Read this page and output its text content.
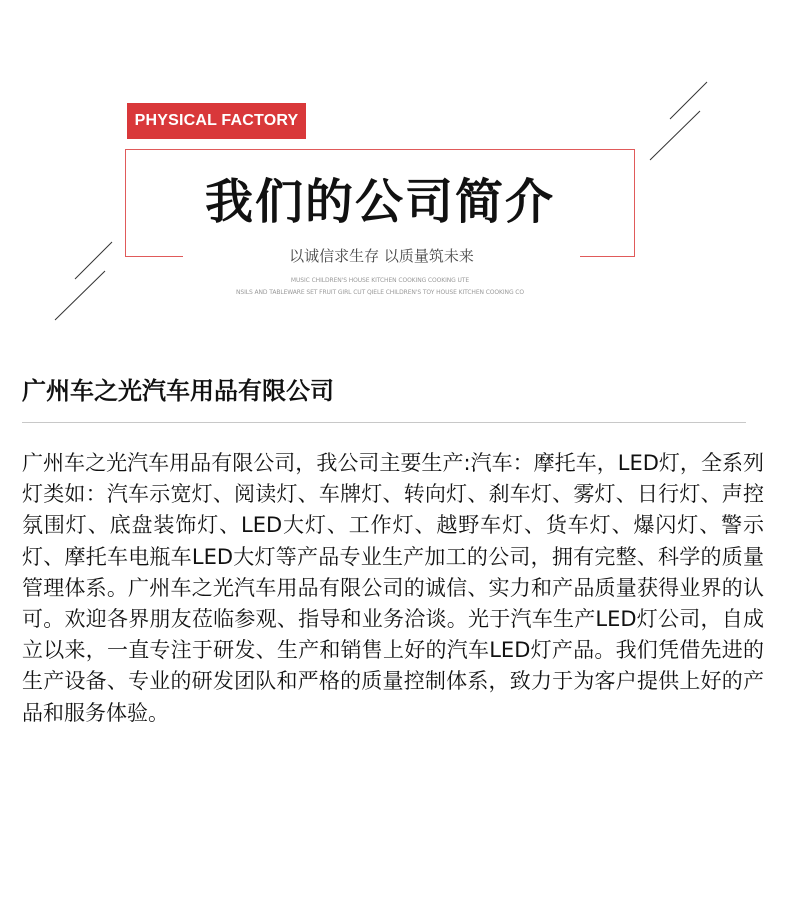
PHYSICAL FACTORY
我们的公司简介
以诚信求生存 以质量筑未来
MUSIC CHILDREN'S HOUSE KITCHEN COOKING COOKING UTE
NSILS AND TABLEWARE SET FRUIT GIRL CUT QIELE CHILDREN'S TOY HOUSE KITCHEN COOKING CO
广州车之光汽车用品有限公司
广州车之光汽车用品有限公司，我公司主要生产:汽车：摩托车，LED灯，全系列灯类如：汽车示宽灯、阅读灯、车牌灯、转向灯、刹车灯、雾灯、日行灯、声控氛围灯、底盘装饰灯、LED大灯、工作灯、越野车灯、货车灯、爆闪灯、警示灯、摩托车电瓶车LED大灯等产品专业生产加工的公司，拥有完整、科学的质量管理体系。广州车之光汽车用品有限公司的诚信、实力和产品质量获得业界的认可。欢迎各界朋友莅临参观、指导和业务洽谈。光于汽车生产LED灯公司，自成立以来，一直专注于研发、生产和销售上好的汽车LED灯产品。我们凭借先进的生产设备、专业的研发团队和严格的质量控制体系，致力于为客户提供上好的产品和服务体验。
